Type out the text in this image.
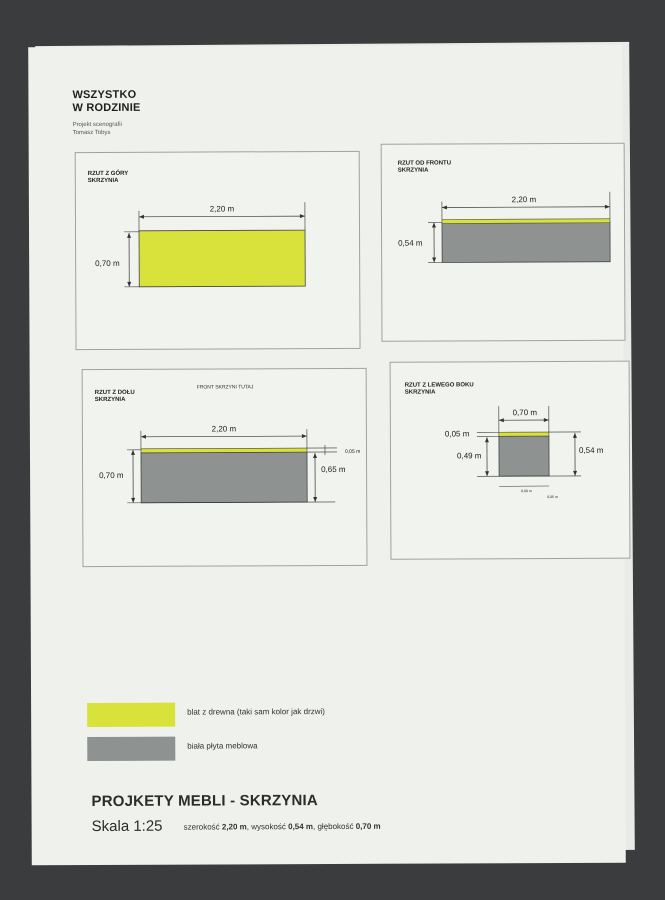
WSZYSTKO
W RODZINIE
Projekt scenografii
Tomasz Tobys
RZUT Z GÓRY
SKRZYNIA
2,20 m
0,70 m
RZUT OD FRONTU
SKRZYNIA
2,20 m
0,54 m
RZUT Z DOŁU
SKRZYNIA
FRONT SKRZYNI TUTAJ
2,20 m
0,70 m
0,05 m
0,65 m
RZUT Z LEWEGO BOKU
SKRZYNIA
0,70 m
0,05 m
0,49 m
0,54 m
0,60 m
0,05 m
blat z drewna (taki sam kolor jak drzwi)
biała płyta meblowa
PROJKETY MEBLI - SKRZYNIA
Skala 1:25	szerokość 2,20 m, wysokość 0,54 m, głębokość 0,70 m
